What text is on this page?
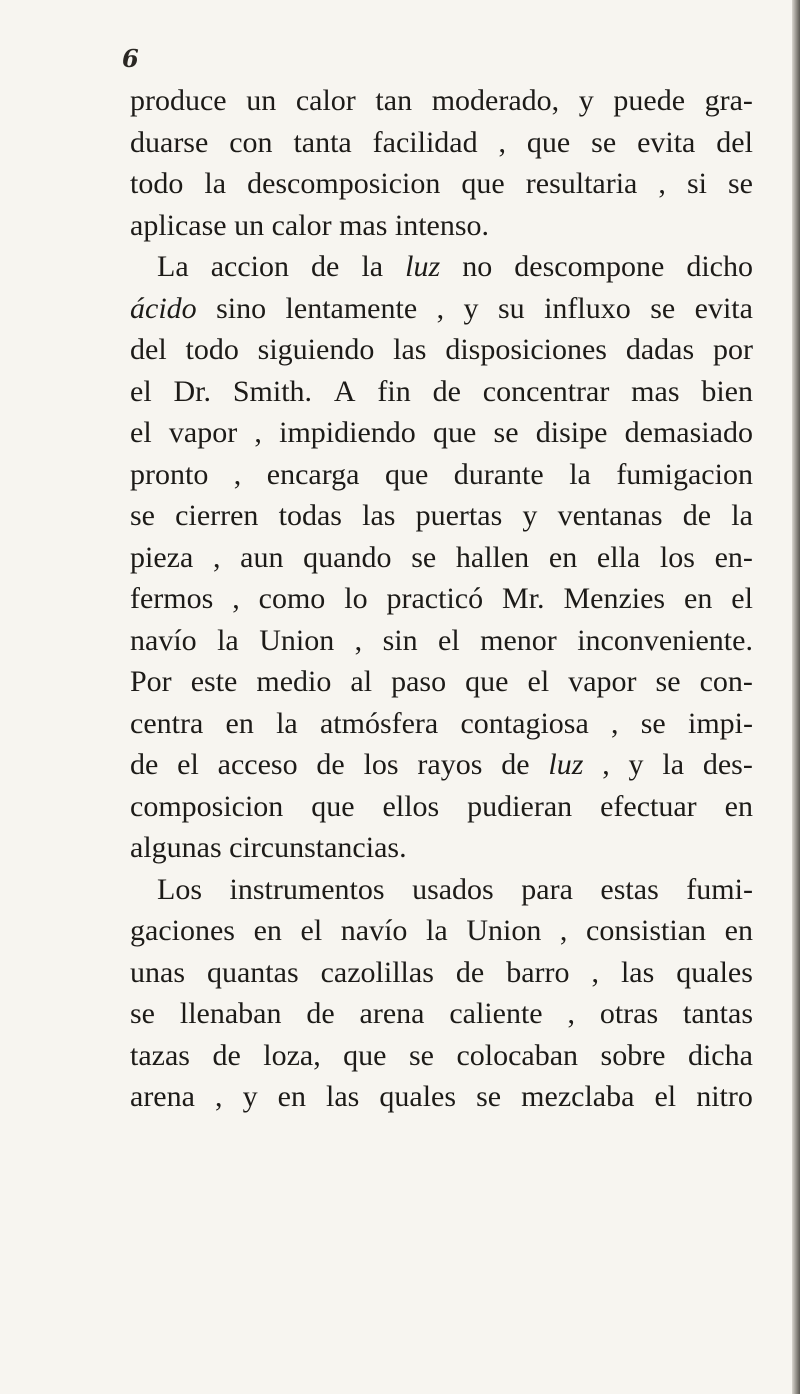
6
produce un calor tan moderado, y puede gra-
duarse con tanta facilidad , que se evita del
todo la descomposicion que resultaria , si se
aplicase un calor mas intenso.
La accion de la luz no descompone dicho
ácido sino lentamente , y su influxo se evita
del todo siguiendo las disposiciones dadas por
el Dr. Smith. A fin de concentrar mas bien
el vapor , impidiendo que se disipe demasiado
pronto , encarga que durante la fumigacion
se cierren todas las puertas y ventanas de la
pieza , aun quando se hallen en ella los en-
fermos , como lo practicó Mr. Menzies en el
navío la Union , sin el menor inconveniente.
Por este medio al paso que el vapor se con-
centra en la atmósfera contagiosa , se impi-
de el acceso de los rayos de luz , y la des-
composicion que ellos pudieran efectuar en
algunas circunstancias.
Los instrumentos usados para estas fumi-
gaciones en el navío la Union , consistian en
unas quantas cazolillas de barro , las quales
se llenaban de arena caliente , otras tantas
tazas de loza, que se colocaban sobre dicha
arena , y en las quales se mezclaba el nitro
